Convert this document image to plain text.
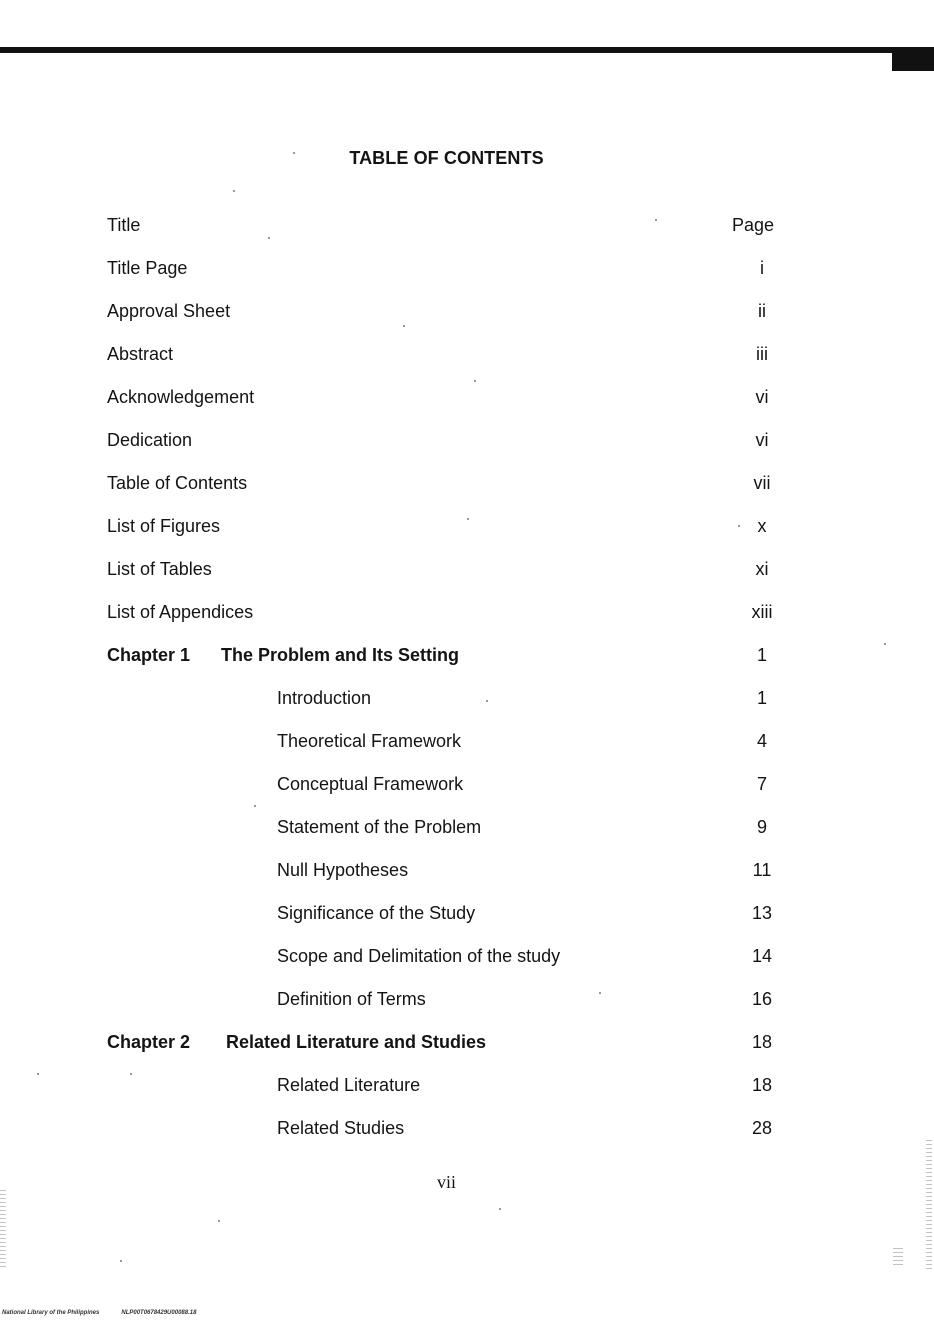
TABLE OF CONTENTS
Title	Page
Title Page	i
Approval Sheet	ii
Abstract	iii
Acknowledgement	vi
Dedication	vi
Table of Contents	vii
List of Figures	x
List of Tables	xi
List of Appendices	xiii
Chapter 1 The Problem and Its Setting	1
Introduction	1
Theoretical Framework	4
Conceptual Framework	7
Statement of the Problem	9
Null Hypotheses	11
Significance of the Study	13
Scope and Delimitation of the study	14
Definition of Terms	16
Chapter 2 Related Literature and Studies	18
Related Literature	18
Related Studies	28
vii
National Library of the Philippines	NLP00T0678429U00088.18
